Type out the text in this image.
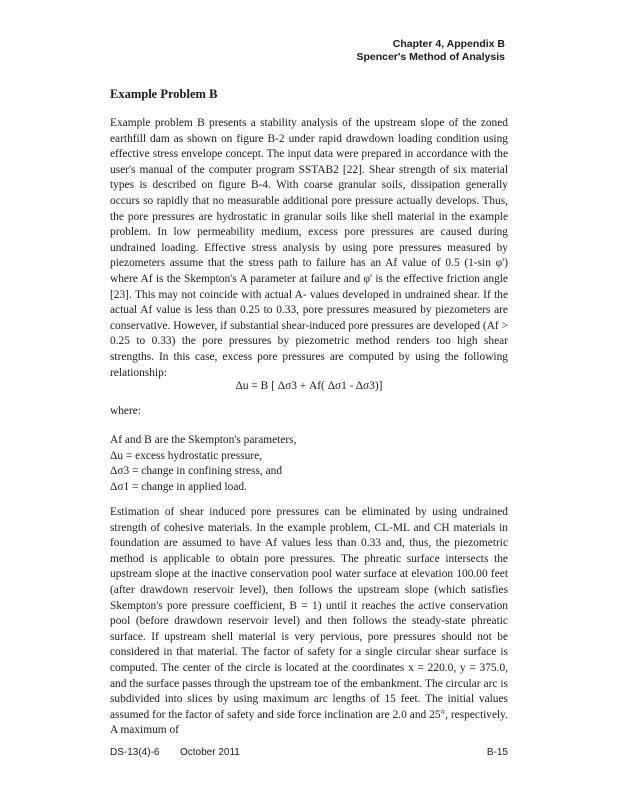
Chapter 4, Appendix B
Spencer's Method of Analysis
Example Problem B

Example problem B presents a stability analysis of the upstream slope of the zoned earthfill dam as shown on figure B-2 under rapid drawdown loading condition using effective stress envelope concept. The input data were prepared in accordance with the user's manual of the computer program SSTAB2 [22]. Shear strength of six material types is described on figure B-4. With coarse granular soils, dissipation generally occurs so rapidly that no measurable additional pore pressure actually develops. Thus, the pore pressures are hydrostatic in granular soils like shell material in the example problem. In low permeability medium, excess pore pressures are caused during undrained loading. Effective stress analysis by using pore pressures measured by piezometers assume that the stress path to failure has an Af value of 0.5 (1-sin φ') where Af is the Skempton's A parameter at failure and φ' is the effective friction angle [23]. This may not coincide with actual A- values developed in undrained shear. If the actual Af value is less than 0.25 to 0.33, pore pressures measured by piezometers are conservative. However, if substantial shear-induced pore pressures are developed (Af > 0.25 to 0.33) the pore pressures by piezometric method renders too high shear strengths. In this case, excess pore pressures are computed by using the following relationship:

Δu = B [ Δσ3 + Af( Δσ1 - Δσ3)]
where:
Af and B are the Skempton's parameters,
Δu = excess hydrostatic pressure,
Δσ3 = change in confining stress, and
Δσ1 = change in applied load.

Estimation of shear induced pore pressures can be eliminated by using undrained strength of cohesive materials. In the example problem, CL-ML and CH materials in foundation are assumed to have Af values less than 0.33 and, thus, the piezometric method is applicable to obtain pore pressures. The phreatic surface intersects the upstream slope at the inactive conservation pool water surface at elevation 100.00 feet (after drawdown reservoir level), then follows the upstream slope (which satisfies Skempton's pore pressure coefficient, B = 1) until it reaches the active conservation pool (before drawdown reservoir level) and then follows the steady-state phreatic surface. If upstream shell material is very pervious, pore pressures should not be considered in that material. The factor of safety for a single circular shear surface is computed. The center of the circle is located at the coordinates x = 220.0, y = 375.0, and the surface passes through the upstream toe of the embankment. The circular arc is subdivided into slices by using maximum arc lengths of 15 feet. The initial values assumed for the factor of safety and side force inclination are 2.0 and 25°, respectively. A maximum of

DS-13(4)-6 October 2011	B-15
